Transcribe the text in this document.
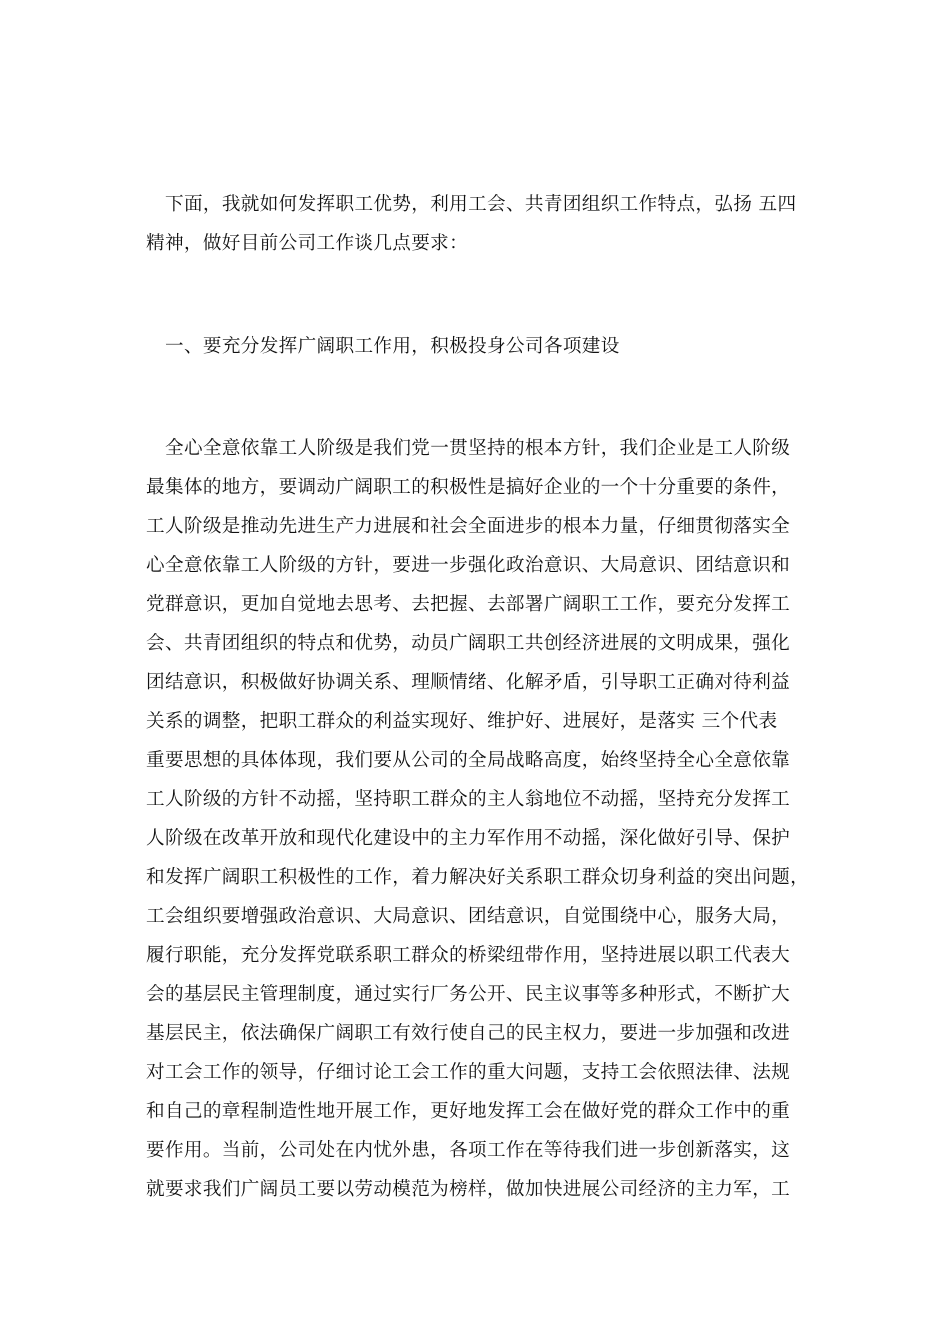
下面，我就如何发挥职工优势，利用工会、共青团组织工作特点，弘扬 五四
精神，做好目前公司工作谈几点要求：
一、要充分发挥广阔职工作用，积极投身公司各项建设
全心全意依靠工人阶级是我们党一贯坚持的根本方针，我们企业是工人阶级
最集体的地方，要调动广阔职工的积极性是搞好企业的一个十分重要的条件，
工人阶级是推动先进生产力进展和社会全面进步的根本力量，仔细贯彻落实全
心全意依靠工人阶级的方针，要进一步强化政治意识、大局意识、团结意识和
党群意识，更加自觉地去思考、去把握、去部署广阔职工工作，要充分发挥工
会、共青团组织的特点和优势，动员广阔职工共创经济进展的文明成果，强化
团结意识，积极做好协调关系、理顺情绪、化解矛盾，引导职工正确对待利益
关系的调整，把职工群众的利益实现好、维护好、进展好，是落实 三个代表
重要思想的具体体现，我们要从公司的全局战略高度，始终坚持全心全意依靠
工人阶级的方针不动摇，坚持职工群众的主人翁地位不动摇，坚持充分发挥工
人阶级在改革开放和现代化建设中的主力军作用不动摇，深化做好引导、保护
和发挥广阔职工积极性的工作，着力解决好关系职工群众切身利益的突出问题，
工会组织要增强政治意识、大局意识、团结意识，自觉围绕中心，服务大局，
履行职能，充分发挥党联系职工群众的桥梁纽带作用，坚持进展以职工代表大
会的基层民主管理制度，通过实行厂务公开、民主议事等多种形式，不断扩大
基层民主，依法确保广阔职工有效行使自己的民主权力，要进一步加强和改进
对工会工作的领导，仔细讨论工会工作的重大问题，支持工会依照法律、法规
和自己的章程制造性地开展工作，更好地发挥工会在做好党的群众工作中的重
要作用。当前，公司处在内忧外患，各项工作在等待我们进一步创新落实，这
就要求我们广阔员工要以劳动模范为榜样，做加快进展公司经济的主力军，工
